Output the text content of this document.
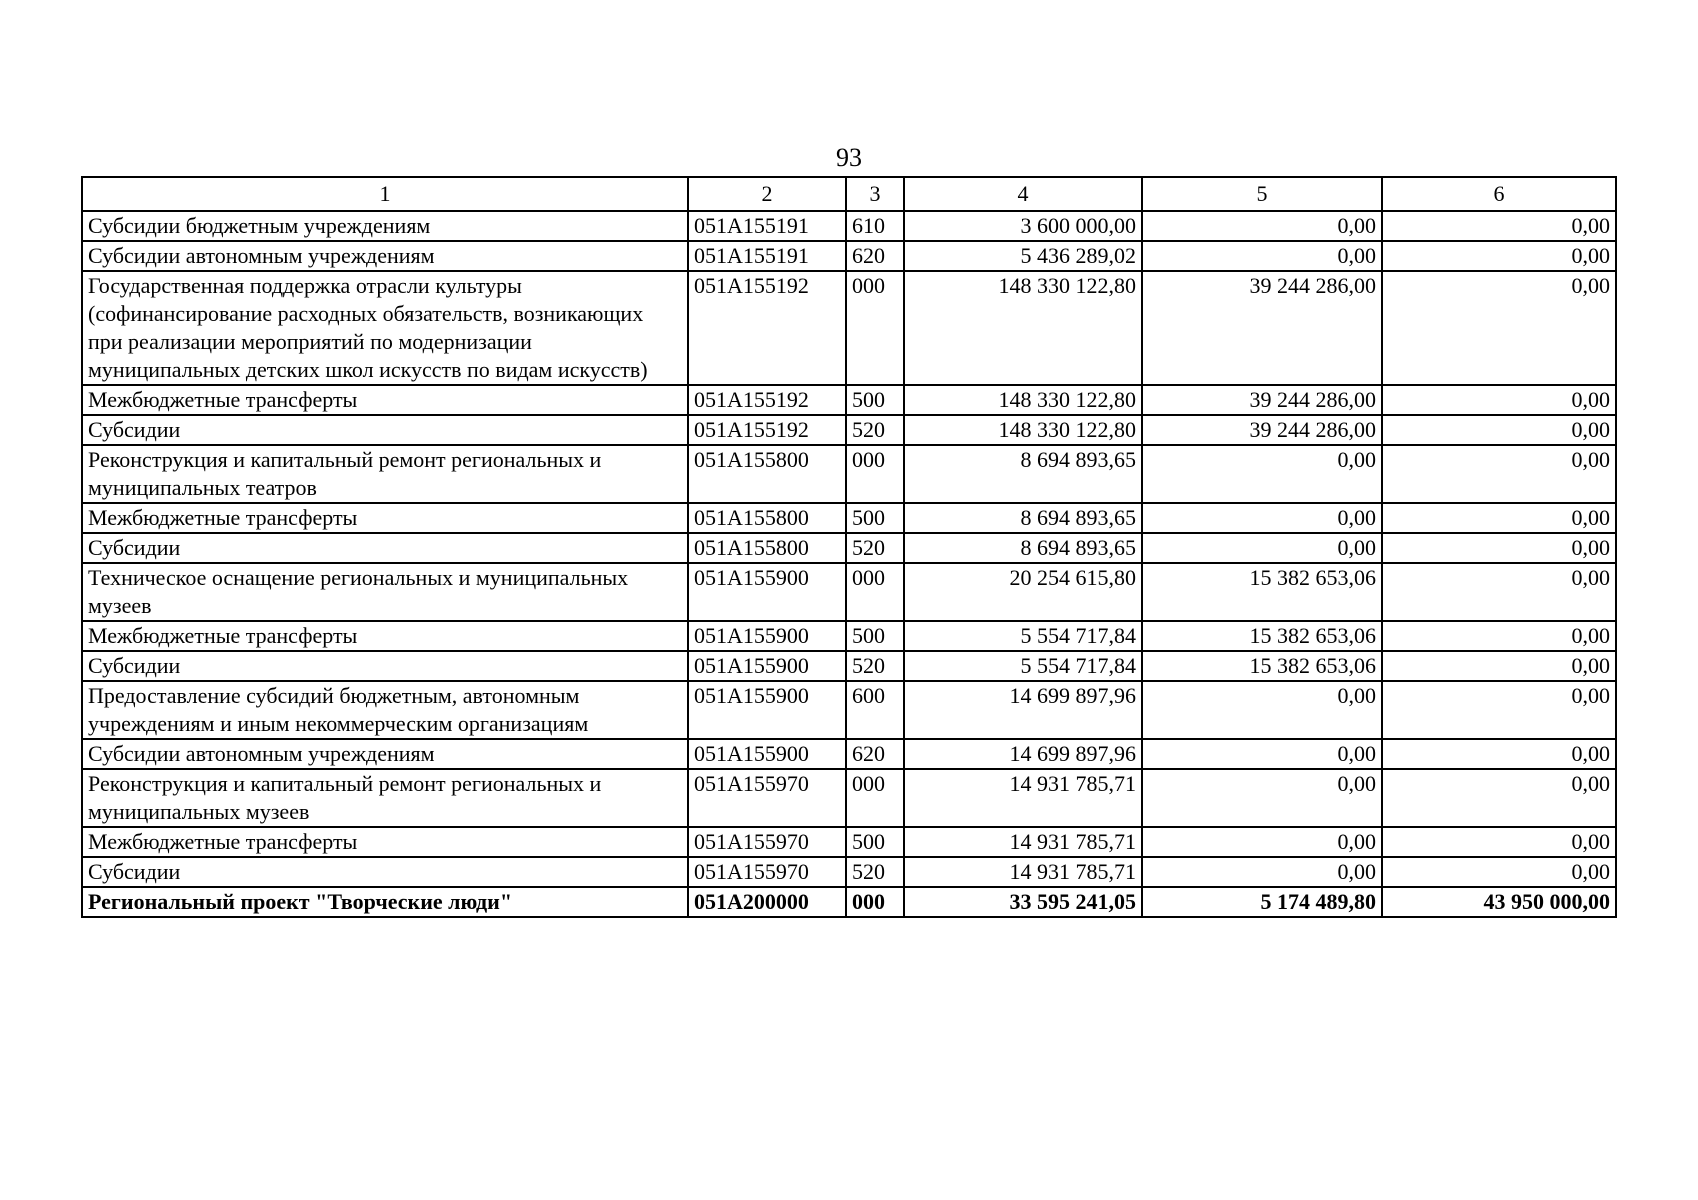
93
1	2	3	4	5	6
Субсидии бюджетным учреждениям	051A155191	610	3 600 000,00	0,00	0,00
Субсидии автономным учреждениям	051A155191	620	5 436 289,02	0,00	0,00
Государственная поддержка отрасли культуры (софинансирование расходных обязательств, возникающих при реализации мероприятий по модернизации муниципальных детских школ искусств по видам искусств)	051A155192	000	148 330 122,80	39 244 286,00	0,00
Межбюджетные трансферты	051A155192	500	148 330 122,80	39 244 286,00	0,00
Субсидии	051A155192	520	148 330 122,80	39 244 286,00	0,00
Реконструкция и капитальный ремонт региональных и муниципальных театров	051A155800	000	8 694 893,65	0,00	0,00
Межбюджетные трансферты	051A155800	500	8 694 893,65	0,00	0,00
Субсидии	051A155800	520	8 694 893,65	0,00	0,00
Техническое оснащение региональных и муниципальных музеев	051A155900	000	20 254 615,80	15 382 653,06	0,00
Межбюджетные трансферты	051A155900	500	5 554 717,84	15 382 653,06	0,00
Субсидии	051A155900	520	5 554 717,84	15 382 653,06	0,00
Предоставление субсидий бюджетным, автономным учреждениям и иным некоммерческим организациям	051A155900	600	14 699 897,96	0,00	0,00
Субсидии автономным учреждениям	051A155900	620	14 699 897,96	0,00	0,00
Реконструкция и капитальный ремонт региональных и муниципальных музеев	051A155970	000	14 931 785,71	0,00	0,00
Межбюджетные трансферты	051A155970	500	14 931 785,71	0,00	0,00
Субсидии	051A155970	520	14 931 785,71	0,00	0,00
Региональный проект "Творческие люди"	051A200000	000	33 595 241,05	5 174 489,80	43 950 000,00
